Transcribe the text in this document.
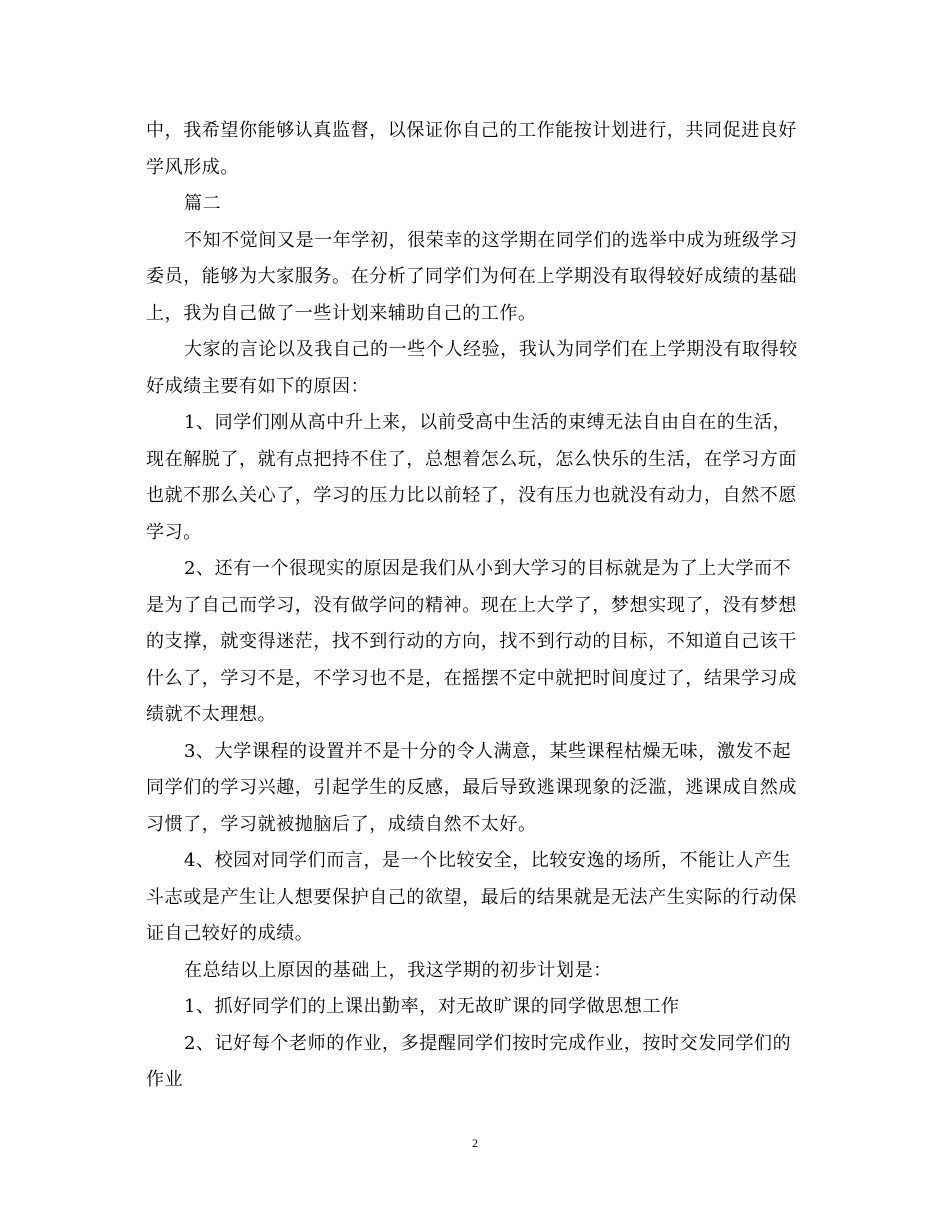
中，我希望你能够认真监督，以保证你自己的工作能按计划进行，共同促进良好
学风形成。
篇二
不知不觉间又是一年学初，很荣幸的这学期在同学们的选举中成为班级学习
委员，能够为大家服务。在分析了同学们为何在上学期没有取得较好成绩的基础
上，我为自己做了一些计划来辅助自己的工作。
大家的言论以及我自己的一些个人经验，我认为同学们在上学期没有取得较
好成绩主要有如下的原因：
1、同学们刚从高中升上来，以前受高中生活的束缚无法自由自在的生活，
现在解脱了，就有点把持不住了，总想着怎么玩，怎么快乐的生活，在学习方面
也就不那么关心了，学习的压力比以前轻了，没有压力也就没有动力，自然不愿
学习。
2、还有一个很现实的原因是我们从小到大学习的目标就是为了上大学而不
是为了自己而学习，没有做学问的精神。现在上大学了，梦想实现了，没有梦想
的支撑，就变得迷茫，找不到行动的方向，找不到行动的目标，不知道自己该干
什么了，学习不是，不学习也不是，在摇摆不定中就把时间度过了，结果学习成
绩就不太理想。
3、大学课程的设置并不是十分的令人满意，某些课程枯燥无味，激发不起
同学们的学习兴趣，引起学生的反感，最后导致逃课现象的泛滥，逃课成自然成
习惯了，学习就被抛脑后了，成绩自然不太好。
4、校园对同学们而言，是一个比较安全，比较安逸的场所，不能让人产生
斗志或是产生让人想要保护自己的欲望，最后的结果就是无法产生实际的行动保
证自己较好的成绩。
在总结以上原因的基础上，我这学期的初步计划是：
1、抓好同学们的上课出勤率，对无故旷课的同学做思想工作
2、记好每个老师的作业，多提醒同学们按时完成作业，按时交发同学们的
作业
2
